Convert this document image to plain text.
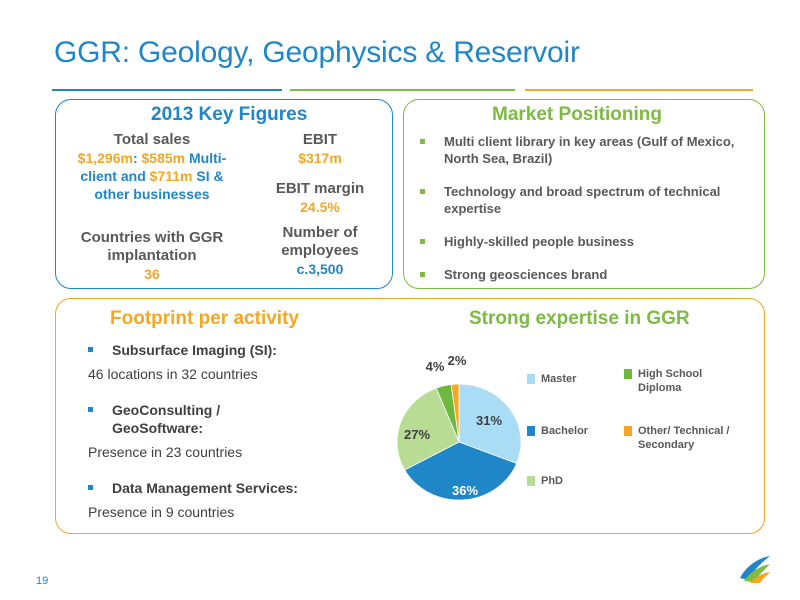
GGR: Geology, Geophysics & Reservoir
2013 Key Figures	Market Positioning
Footprint per activity	Strong expertise in GGR
Total sales
$1,296m: $585m Multi-client and $711m SI & other businesses
EBIT
$317m
EBIT margin
24.5%
Countries with GGR implantation
36
Number of employees
c.3,500
Multi client library in key areas (Gulf of Mexico, North Sea, Brazil)
Technology and broad spectrum of technical expertise
Highly-skilled people business
Strong geosciences brand
Subsurface Imaging (SI):
46 locations in 32 countries
GeoConsulting / GeoSoftware:
Presence in 23 countries
Data Management Services:
Presence in 9 countries
31%
36%
27%
4% 2%
Master
Bachelor
PhD
High School Diploma
Other/ Technical / Secondary
19
